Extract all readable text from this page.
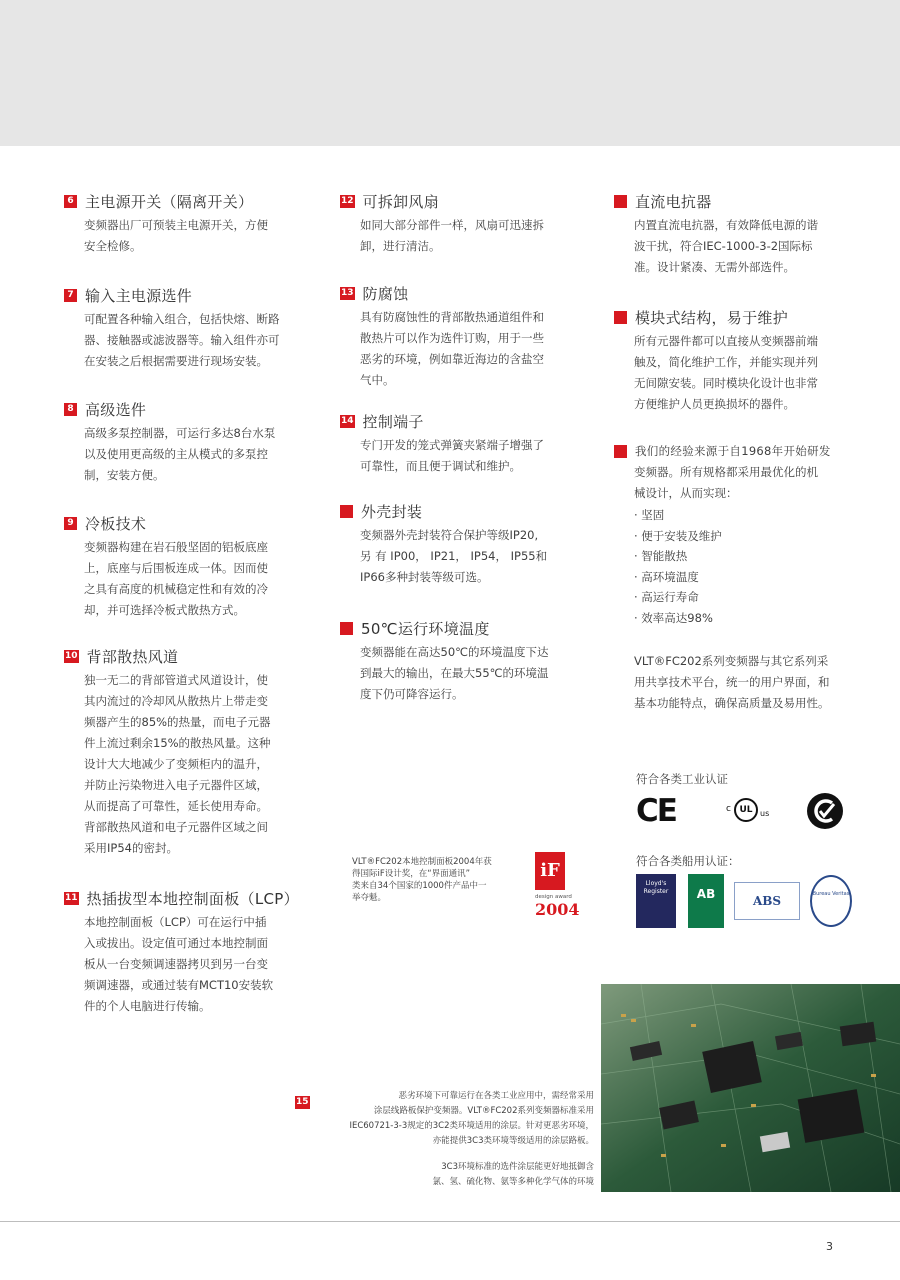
6 主电源开关（隔离开关）
变频器出厂可预装主电源开关，方便
安全检修。
7 输入主电源选件
可配置各种输入组合，包括快熔、断路
器、接触器或滤波器等。输入组件亦可
在安装之后根据需要进行现场安装。
8 高级选件
高级多泵控制器，可运行多达8台水泵
以及使用更高级的主从模式的多泵控
制，安装方便。
9 冷板技术
变频器构建在岩石般坚固的铝板底座
上，底座与后围板连成一体。因而使
之具有高度的机械稳定性和有效的冷
却，并可选择冷板式散热方式。
10 背部散热风道
独一无二的背部管道式风道设计，使
其内流过的冷却风从散热片上带走变
频器产生的85%的热量，而电子元器
件上流过剩余15%的散热风量。这种
设计大大地减少了变频柜内的温升，
并防止污染物进入电子元器件区域，
从而提高了可靠性，延长使用寿命。
背部散热风道和电子元器件区域之间
采用IP54的密封。
11 热插拔型本地控制面板（LCP）
本地控制面板（LCP）可在运行中插
入或拔出。设定值可通过本地控制面
板从一台变频调速器拷贝到另一台变
频调速器，或通过装有MCT10安装软
件的个人电脑进行传输。
12 可拆卸风扇
如同大部分部件一样，风扇可迅速拆
卸，进行清洁。
13 防腐蚀
具有防腐蚀性的背部散热通道组件和
散热片可以作为选件订购，用于一些
恶劣的环境，例如靠近海边的含盐空
气中。
14 控制端子
专门开发的笼式弹簧夹紧端子增强了
可靠性，而且便于调试和维护。
外壳封装
变频器外壳封装符合保护等级IP20,
另 有 IP00， IP21， IP54， IP55和
IP66多种封装等级可选。
50℃运行环境温度
变频器能在高达50℃的环境温度下达
到最大的输出，在最大55℃的环境温
度下仍可降容运行。
直流电抗器
内置直流电抗器，有效降低电源的谐
波干扰，符合IEC-1000-3-2国际标
准。设计紧凑、无需外部选件。
模块式结构，易于维护
所有元器件都可以直接从变频器前端
触及，简化维护工作，并能实现并列
无间隙安装。同时模块化设计也非常
方便维护人员更换损坏的器件。
我们的经验来源于自1968年开始研发
变频器。所有规格都采用最优化的机
械设计，从而实现：
· 坚固
· 便于安装及维护
· 智能散热
· 高环境温度
· 高运行寿命
· 效率高达98%
VLT®FC202系列变频器与其它系列采
用共享技术平台，统一的用户界面，和
基本功能特点，确保高质量及易用性。
符合各类工业认证
CE	c UL us
符合各类船用认证：
Lloyd's Register	AB	ABS	Bureau Veritas
VLT®FC202本地控制面板2004年获
得国际iF设计奖，在“界面通讯”
类来自34个国家的1000件产品中一
举夺魁。
iF
design award
2004
15
恶劣环境下可靠运行在各类工业应用中，需经常采用
涂层线路板保护变频器。VLT®FC202系列变频器标准采用
IEC60721-3-3规定的3C2类环境适用的涂层。针对更恶劣环境，
亦能提供3C3类环境等级适用的涂层路板。
3C3环境标准的选件涂层能更好地抵御含
氯、氢、硫化物、氨等多种化学气体的环境
3
